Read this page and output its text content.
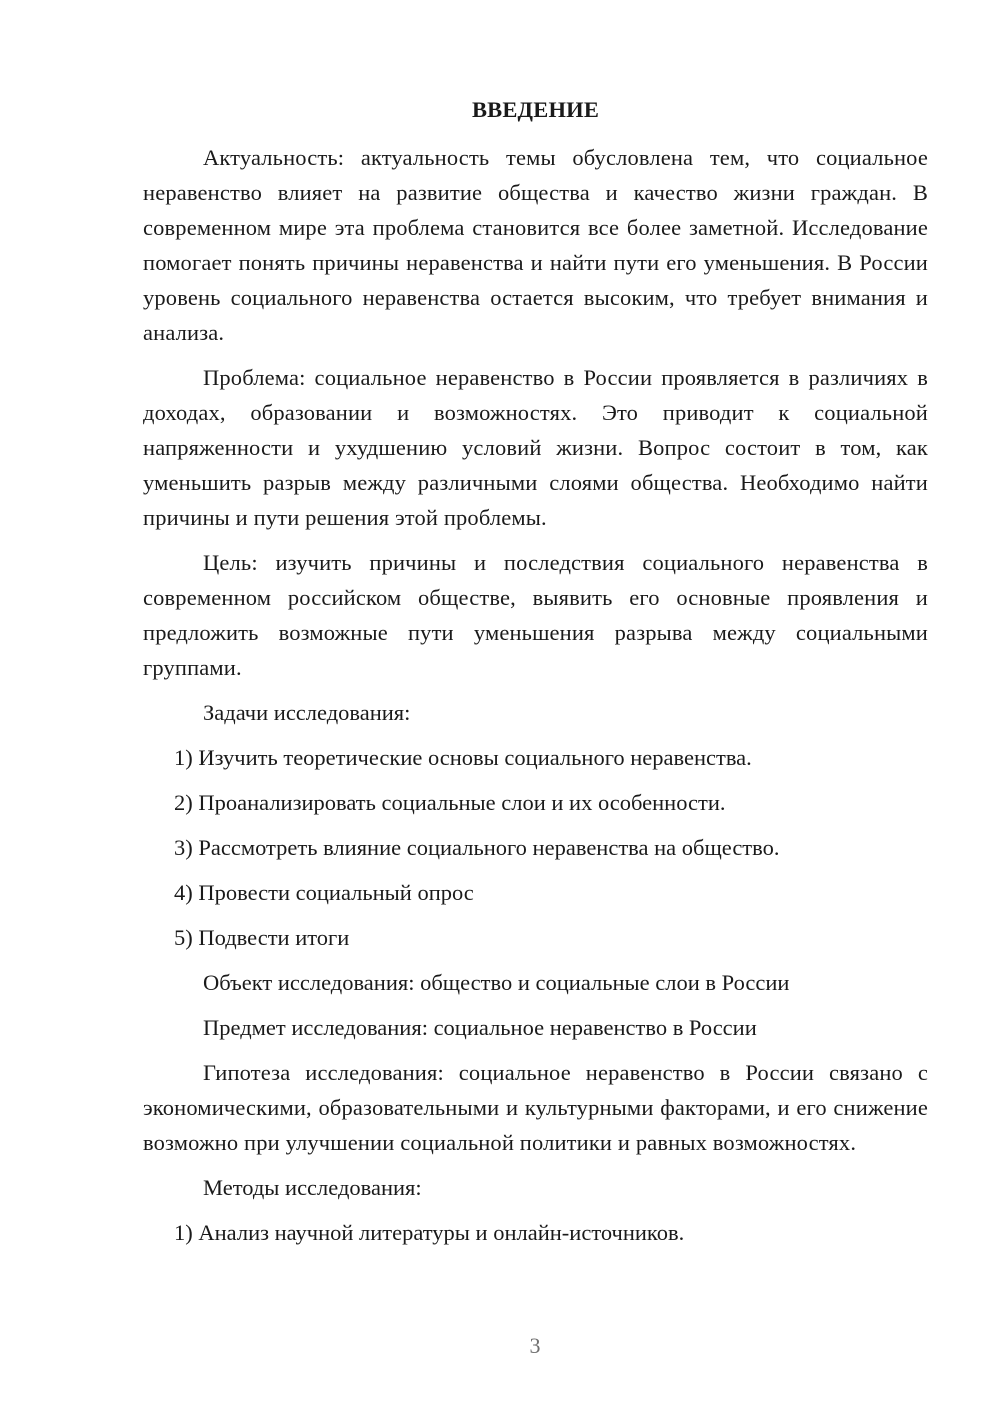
ВВЕДЕНИЕ

Актуальность: актуальность темы обусловлена тем, что социальное неравенство влияет на развитие общества и качество жизни граждан. В современном мире эта проблема становится все более заметной. Исследование помогает понять причины неравенства и найти пути его уменьшения. В России уровень социального неравенства остается высоким, что требует внимания и анализа.

Проблема: социальное неравенство в России проявляется в различиях в доходах, образовании и возможностях. Это приводит к социальной напряженности и ухудшению условий жизни. Вопрос состоит в том, как уменьшить разрыв между различными слоями общества. Необходимо найти причины и пути решения этой проблемы.

Цель: изучить причины и последствия социального неравенства в современном российском обществе, выявить его основные проявления и предложить возможные пути уменьшения разрыва между социальными группами.

Задачи исследования:
1) Изучить теоретические основы социального неравенства.
2) Проанализировать социальные слои и их особенности.
3) Рассмотреть влияние социального неравенства на общество.
4) Провести социальный опрос
5) Подвести итоги
Объект исследования: общество и социальные слои в России
Предмет исследования: социальное неравенство в России

Гипотеза исследования: социальное неравенство в России связано с экономическими, образовательными и культурными факторами, и его снижение возможно при улучшении социальной политики и равных возможностях.

Методы исследования:
1) Анализ научной литературы и онлайн-источников.
3
